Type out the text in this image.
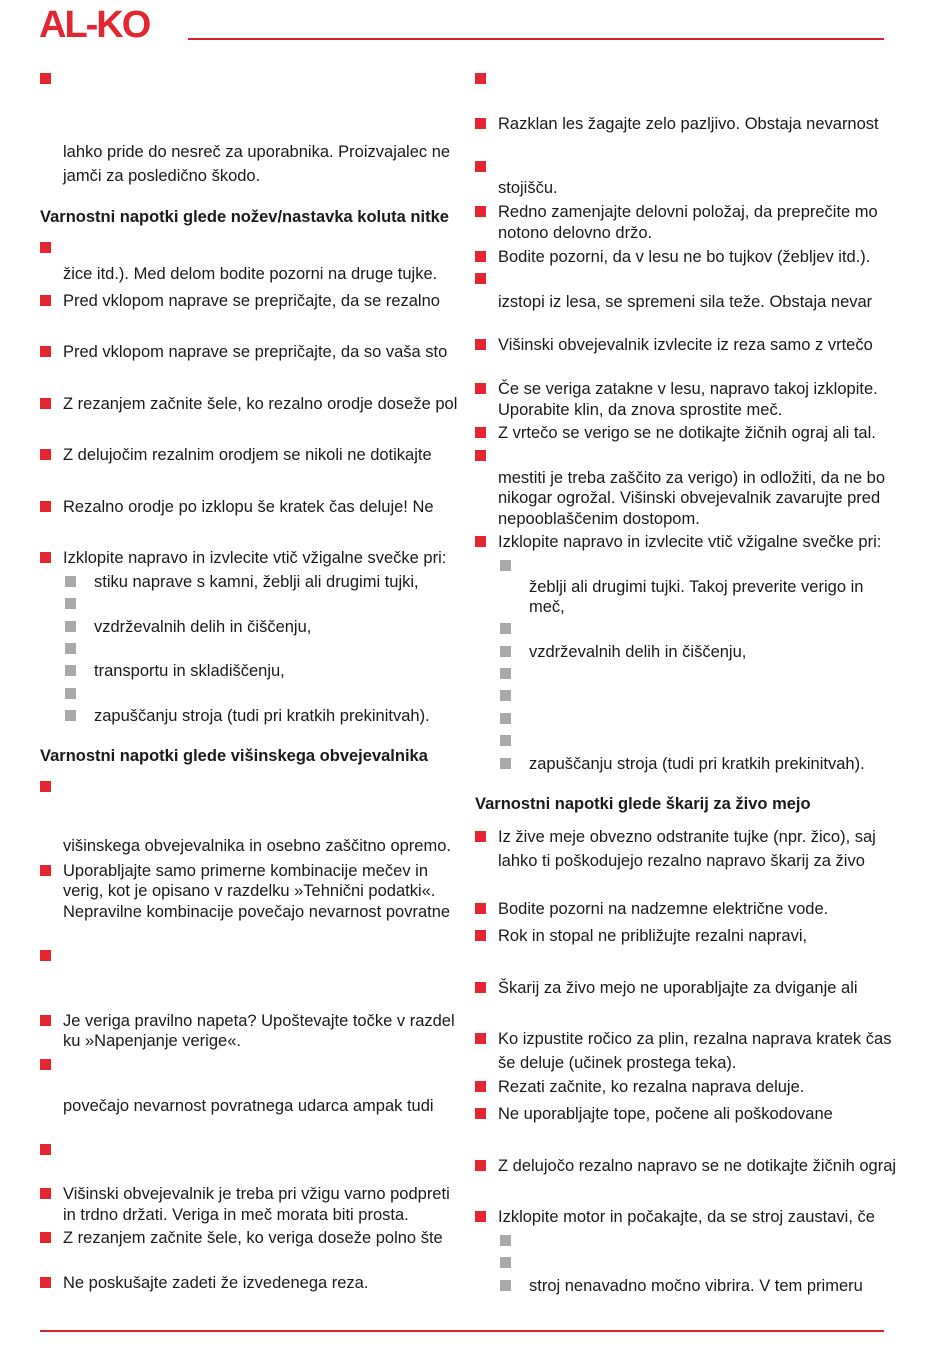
AL-KO
lahko pride do nesreč za uporabnika. Proizvajalec ne
jamči za posledično škodo.
Varnostni napotki glede nožev/nastavka koluta nitke
žice itd.). Med delom bodite pozorni na druge tujke.
Pred vklopom naprave se prepričajte, da se rezalno
Pred vklopom naprave se prepričajte, da so vaša sto
Z rezanjem začnite šele, ko rezalno orodje doseže pol
Z delujočim rezalnim orodjem se nikoli ne dotikajte
Rezalno orodje po izklopu še kratek čas deluje! Ne
Izklopite napravo in izvlecite vtič vžigalne svečke pri:
stiku naprave s kamni, žeblji ali drugimi tujki,
vzdrževalnih delih in čiščenju,
transportu in skladiščenju,
zapuščanju stroja (tudi pri kratkih prekinitvah).
Varnostni napotki glede višinskega obvejevalnika
višinskega obvejevalnika in osebno zaščitno opremo.
Uporabljajte samo primerne kombinacije mečev in
verig, kot je opisano v razdelku »Tehnični podatki«.
Nepravilne kombinacije povečajo nevarnost povratne
Je veriga pravilno napeta? Upoštevajte točke v razdel
ku »Napenjanje verige«.
povečajo nevarnost povratnega udarca ampak tudi
Višinski obvejevalnik je treba pri vžigu varno podpreti
in trdno držati. Veriga in meč morata biti prosta.
Z rezanjem začnite šele, ko veriga doseže polno šte
Ne poskušajte zadeti že izvedenega reza.
Razklan les žagajte zelo pazljivo. Obstaja nevarnost
stojišču.
Redno zamenjajte delovni položaj, da preprečite mo
notono delovno držo.
Bodite pozorni, da v lesu ne bo tujkov (žebljev itd.).
izstopi iz lesa, se spremeni sila teže. Obstaja nevar
Višinski obvejevalnik izvlecite iz reza samo z vrtečo
Če se veriga zatakne v lesu, napravo takoj izklopite.
Uporabite klin, da znova sprostite meč.
Z vrtečo se verigo se ne dotikajte žičnih ograj ali tal.
mestiti je treba zaščito za verigo) in odložiti, da ne bo
nikogar ogrožal. Višinski obvejevalnik zavarujte pred
nepooblaščenim dostopom.
Izklopite napravo in izvlecite vtič vžigalne svečke pri:
žeblji ali drugimi tujki. Takoj preverite verigo in
meč,
vzdrževalnih delih in čiščenju,
zapuščanju stroja (tudi pri kratkih prekinitvah).
Varnostni napotki glede škarij za živo mejo
Iz žive meje obvezno odstranite tujke (npr. žico), saj
lahko ti poškodujejo rezalno napravo škarij za živo
Bodite pozorni na nadzemne električne vode.
Rok in stopal ne približujte rezalni napravi,
Škarij za živo mejo ne uporabljajte za dviganje ali
Ko izpustite ročico za plin, rezalna naprava kratek čas
še deluje (učinek prostega teka).
Rezati začnite, ko rezalna naprava deluje.
Ne uporabljajte tope, počene ali poškodovane
Z delujočo rezalno napravo se ne dotikajte žičnih ograj
Izklopite motor in počakajte, da se stroj zaustavi, če
stroj nenavadno močno vibrira. V tem primeru
